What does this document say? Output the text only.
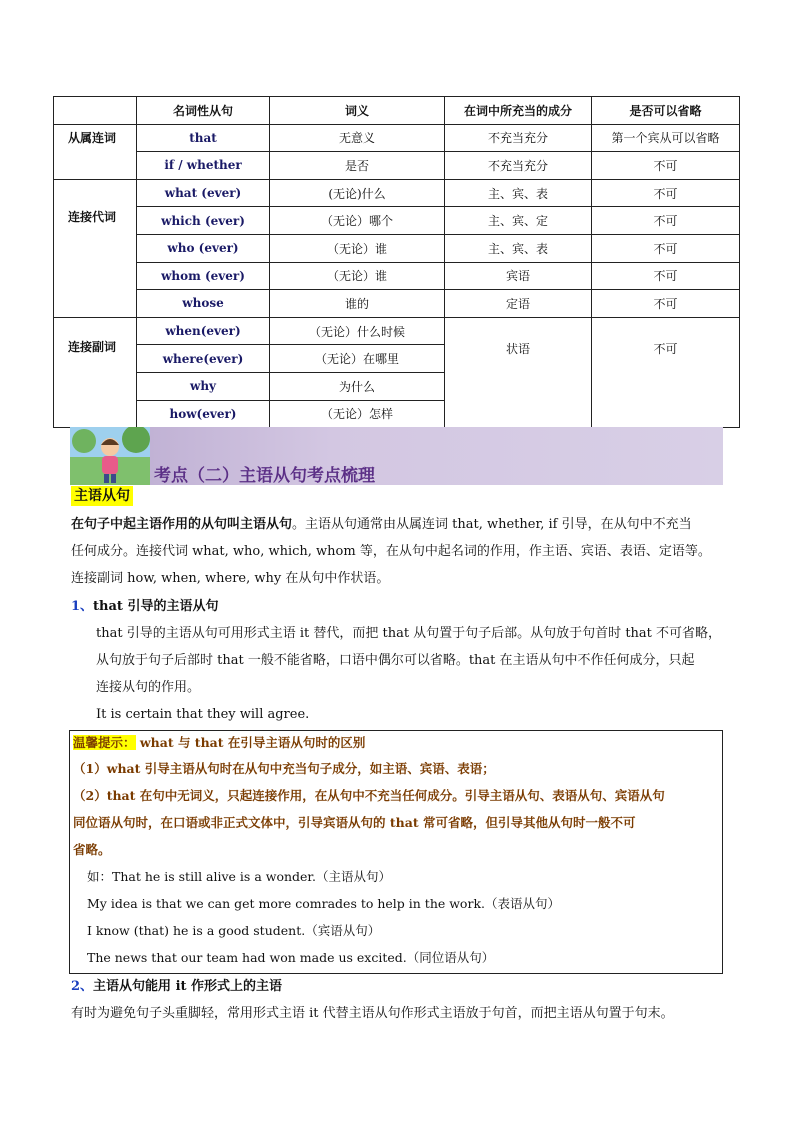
	名词性从句	词义	在词中所充当的成分	是否可以省略
从属连词	that	无意义	不充当充分	第一个宾从可以省略
	if / whether	是否	不充当充分	不可
连接代词	what (ever)	(无论)什么	主、宾、表	不可
	which (ever)	（无论）哪个	主、宾、定	不可
	who (ever)	（无论）谁	主、宾、表	不可
	whom (ever)	（无论）谁	宾语	不可
	whose	谁的	定语	不可
连接副词	when(ever)	（无论）什么时候	状语	不可
	where(ever)	（无论）在哪里		
	why	为什么		
	how(ever)	（无论）怎样		
考点（二）主语从句考点梳理
主语从句
在句子中起主语作用的从句叫主语从句。主语从句通常由从属连词 that, whether, if 引导，在从句中不充当
任何成分。连接代词 what, who, which, whom 等，在从句中起名词的作用，作主语、宾语、表语、定语等。
连接副词 how, when, where, why 在从句中作状语。
1、that 引导的主语从句
that 引导的主语从句可用形式主语 it 替代，而把 that 从句置于句子后部。从句放于句首时 that 不可省略，
从句放于句子后部时 that 一般不能省略，口语中偶尔可以省略。that 在主语从句中不作任何成分，只起
连接从句的作用。
It is certain that they will agree.
温馨提示： what 与 that 在引导主语从句时的区别
（1）what 引导主语从句时在从句中充当句子成分，如主语、宾语、表语；
（2）that 在句中无词义，只起连接作用，在从句中不充当任何成分。引导主语从句、表语从句、宾语从句
同位语从句时，在口语或非正式文体中，引导宾语从句的 that 常可省略，但引导其他从句时一般不可
省略。
如：That he is still alive is a wonder.（主语从句）
My idea is that we can get more comrades to help in the work.（表语从句）
I know (that) he is a good student.（宾语从句）
The news that our team had won made us excited.（同位语从句）
2、主语从句能用 it 作形式上的主语
有时为避免句子头重脚轻，常用形式主语 it 代替主语从句作形式主语放于句首，而把主语从句置于句末。
